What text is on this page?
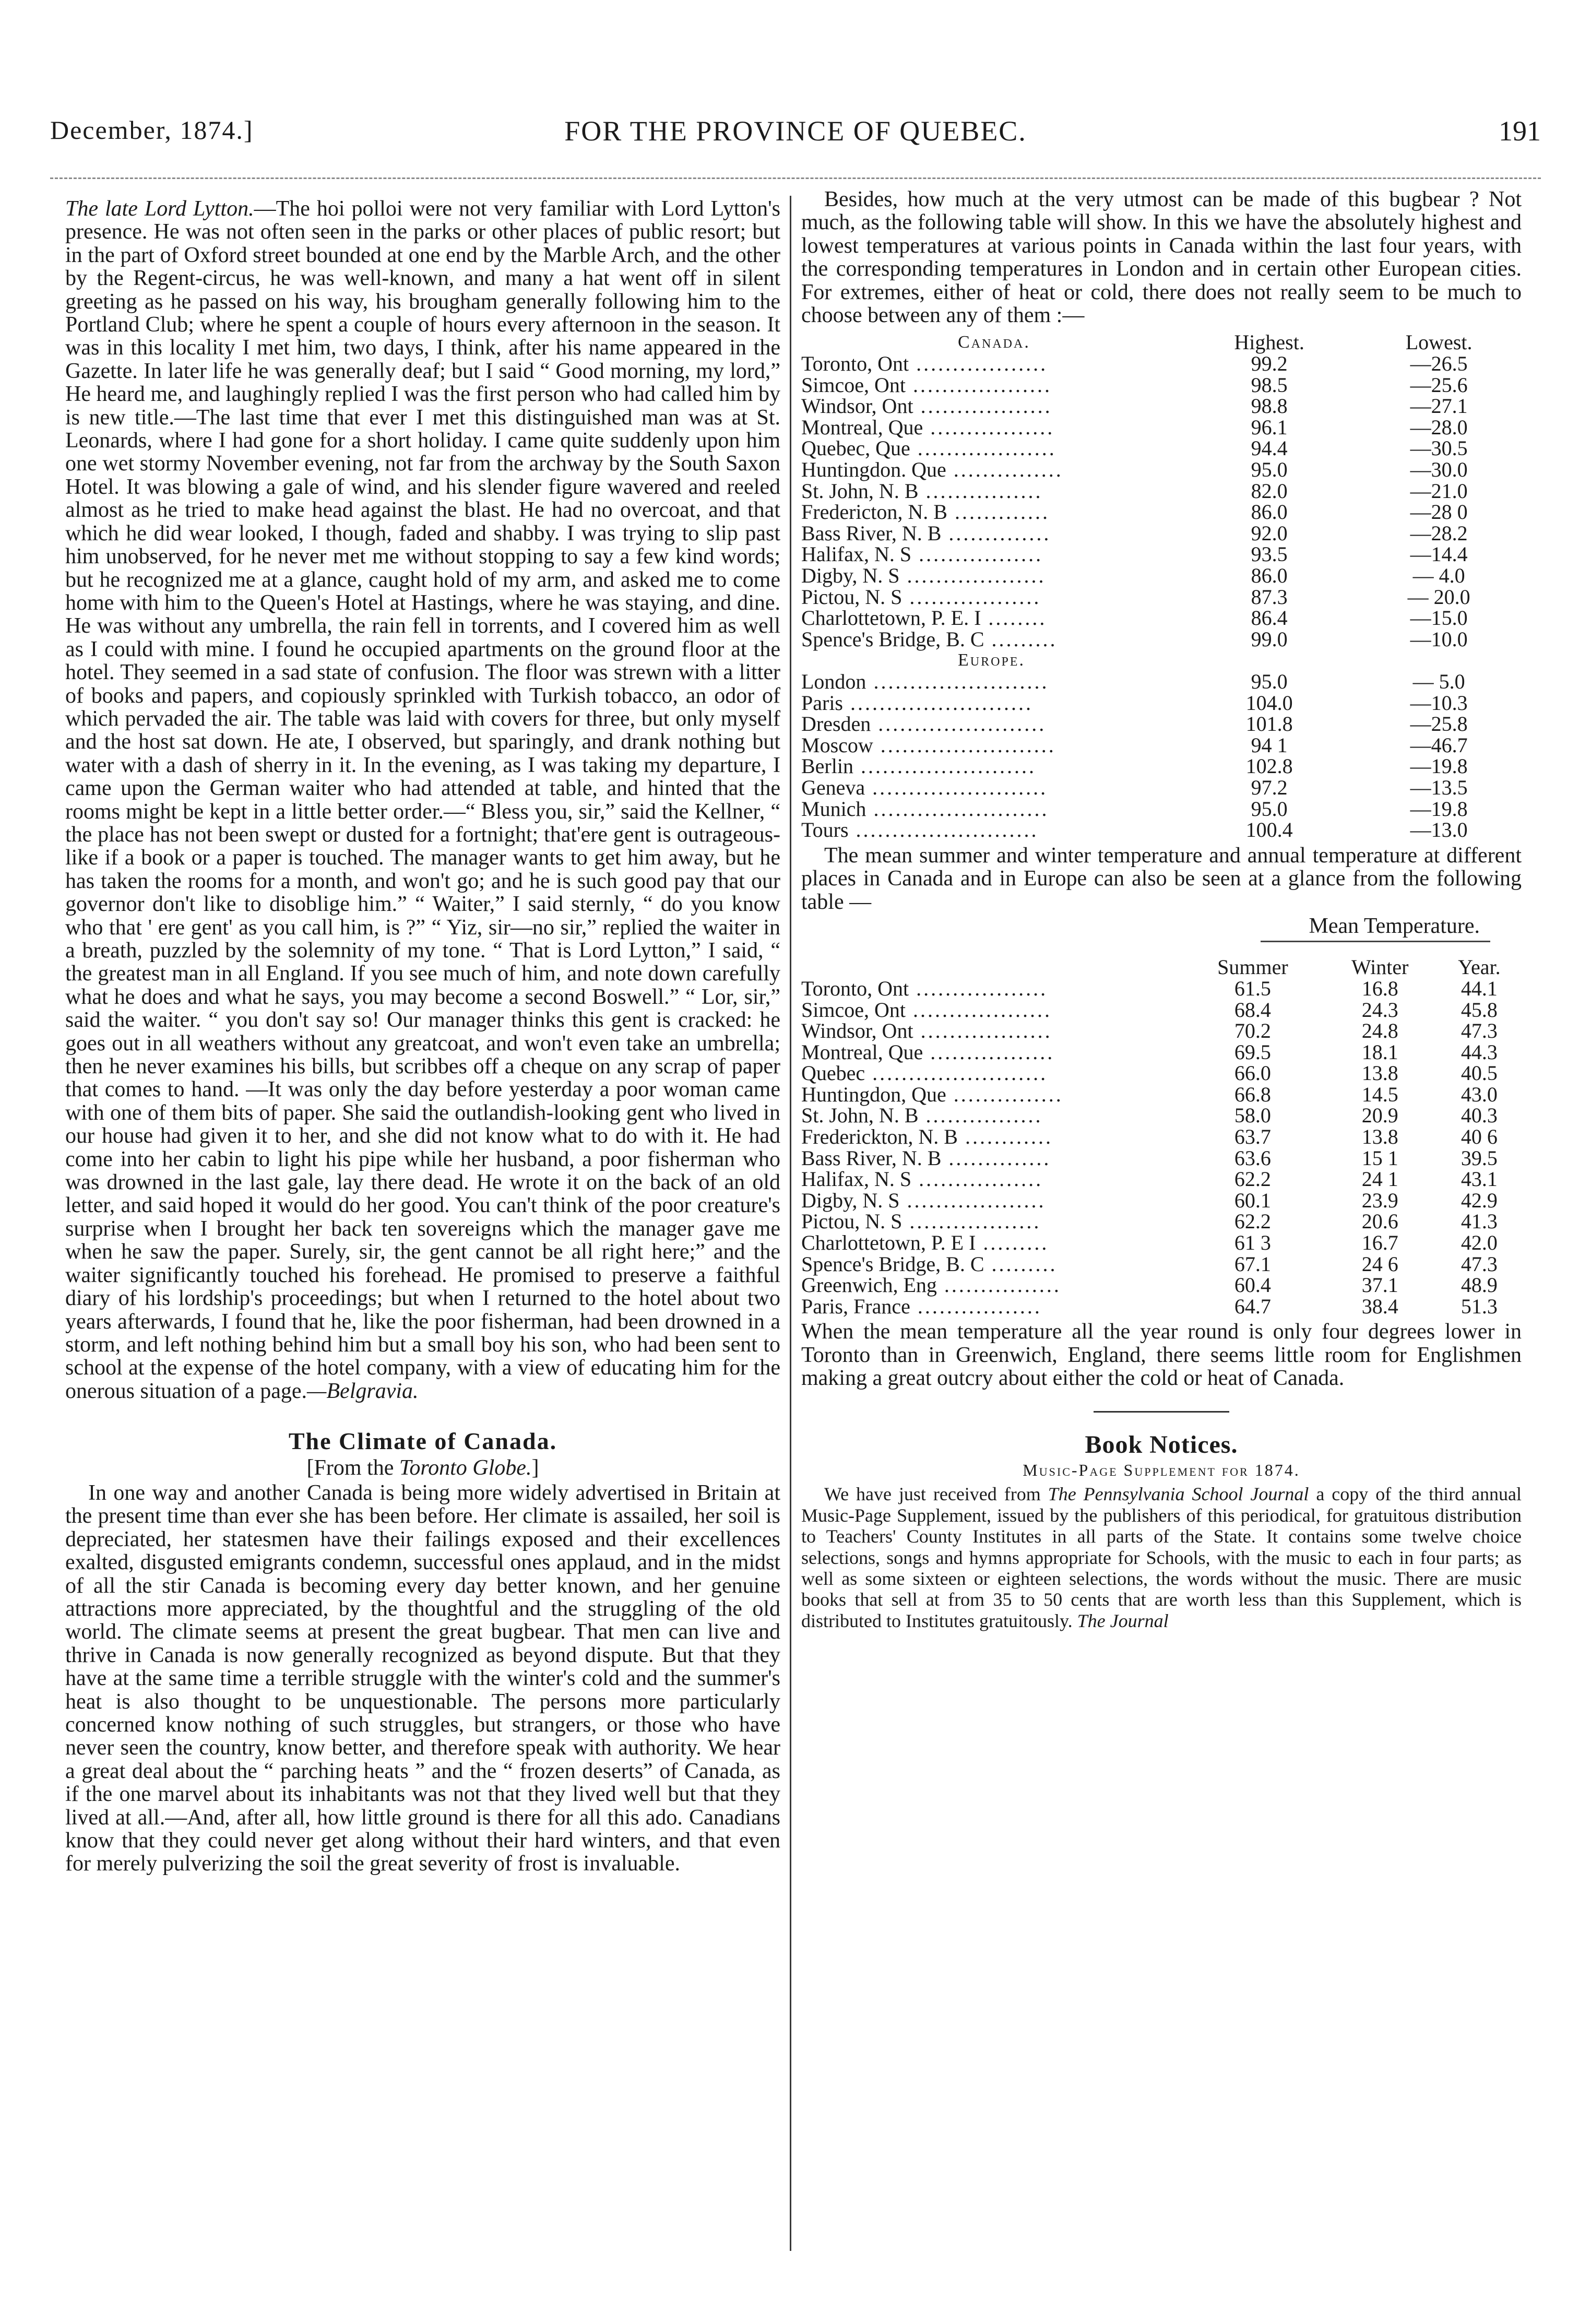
December, 1874.]	FOR THE PROVINCE OF QUEBEC.	191

The late Lord Lytton.—The hoi polloi were not very familiar with Lord Lytton's presence. He was not often seen in the parks or other places of public resort; but in the part of Oxford street bounded at one end by the Marble Arch, and the other by the Regent-circus, he was well-known, and many a hat went off in silent greeting as he passed on his way, his brougham generally following him to the Portland Club; where he spent a couple of hours every afternoon in the season. It was in this locality I met him, two days, I think, after his name appeared in the Gazette. In later life he was generally deaf; but I said “ Good morning, my lord,” He heard me, and laughingly replied I was the first person who had called him by is new title.—The last time that ever I met this distinguished man was at St. Leonards, where I had gone for a short holiday. I came quite suddenly upon him one wet stormy November evening, not far from the archway by the South Saxon Hotel. It was blowing a gale of wind, and his slender figure wavered and reeled almost as he tried to make head against the blast. He had no overcoat, and that which he did wear looked, I though, faded and shabby. I was trying to slip past him unobserved, for he never met me without stopping to say a few kind words; but he recognized me at a glance, caught hold of my arm, and asked me to come home with him to the Queen's Hotel at Hastings, where he was staying, and dine. He was without any umbrella, the rain fell in torrents, and I covered him as well as I could with mine. I found he occupied apartments on the ground floor at the hotel. They seemed in a sad state of confusion. The floor was strewn with a litter of books and papers, and copiously sprinkled with Turkish tobacco, an odor of which pervaded the air. The table was laid with covers for three, but only myself and the host sat down. He ate, I observed, but sparingly, and drank nothing but water with a dash of sherry in it. In the evening, as I was taking my departure, I came upon the German waiter who had attended at table, and hinted that the rooms might be kept in a little better order.—“ Bless you, sir,” said the Kellner, “ the place has not been swept or dusted for a fortnight; that'ere gent is outrageous-like if a book or a paper is touched. The manager wants to get him away, but he has taken the rooms for a month, and won't go; and he is such good pay that our governor don't like to disoblige him.” “ Waiter,” I said sternly, “ do you know who that ' ere gent' as you call him, is ?” “ Yiz, sir—no sir,” replied the waiter in a breath, puzzled by the solemnity of my tone. “ That is Lord Lytton,” I said, “ the greatest man in all England. If you see much of him, and note down carefully what he does and what he says, you may become a second Boswell.” “ Lor, sir,” said the waiter. “ you don't say so! Our manager thinks this gent is cracked: he goes out in all weathers without any greatcoat, and won't even take an umbrella; then he never examines his bills, but scribbes off a cheque on any scrap of paper that comes to hand. —It was only the day before yesterday a poor woman came with one of them bits of paper. She said the outlandish-looking gent who lived in our house had given it to her, and she did not know what to do with it. He had come into her cabin to light his pipe while her husband, a poor fisherman who was drowned in the last gale, lay there dead. He wrote it on the back of an old letter, and said hoped it would do her good. You can't think of the poor creature's surprise when I brought her back ten sovereigns which the manager gave me when he saw the paper. Surely, sir, the gent cannot be all right here;” and the waiter significantly touched his forehead. He promised to preserve a faithful diary of his lordship's proceedings; but when I returned to the hotel about two years afterwards, I found that he, like the poor fisherman, had been drowned in a storm, and left nothing behind him but a small boy his son, who had been sent to school at the expense of the hotel company, with a view of educating him for the onerous situation of a page.—Belgravia.

The Climate of Canada.
[From the Toronto Globe.]

In one way and another Canada is being more widely advertised in Britain at the present time than ever she has been before. Her climate is assailed, her soil is depreciated, her statesmen have their failings exposed and their excellences exalted, disgusted emigrants condemn, successful ones applaud, and in the midst of all the stir Canada is becoming every day better known, and her genuine attractions more appreciated, by the thoughtful and the struggling of the old world. The climate seems at present the great bugbear. That men can live and thrive in Canada is now generally recognized as beyond dispute. But that they have at the same time a terrible struggle with the winter's cold and the summer's heat is also thought to be unquestionable. The persons more particularly concerned know nothing of such struggles, but strangers, or those who have never seen the country, know better, and therefore speak with authority. We hear a great deal about the “ parching heats ” and the “ frozen deserts” of Canada, as if the one marvel about its inhabitants was not that they lived well but that they lived at all.—And, after all, how little ground is there for all this ado. Canadians know that they could never get along without their hard winters, and that even for merely pulverizing the soil the great severity of frost is invaluable.

Besides, how much at the very utmost can be made of this bugbear ? Not much, as the following table will show. In this we have the absolutely highest and lowest temperatures at various points in Canada within the last four years, with the corresponding temperatures in London and in certain other European cities. For extremes, either of heat or cold, there does not really seem to be much to choose between any of them :—

Canada.	Highest.	Lowest.
Toronto, Ont ..................	99.2	—26.5
Simcoe, Ont ...................	98.5	—25.6
Windsor, Ont ..................	98.8	—27.1
Montreal, Que .................	96.1	—28.0
Quebec, Que ...................	94.4	—30.5
Huntingdon. Que ...............	95.0	—30.0
St. John, N. B ................	82.0	—21.0
Fredericton, N. B .............	86.0	—28 0
Bass River, N. B ..............	92.0	—28.2
Halifax, N. S .................	93.5	—14.4
Digby, N. S ...................	86.0	— 4.0
Pictou, N. S ..................	87.3	— 20.0
Charlottetown, P. E. I ........	86.4	—15.0
Spence's Bridge, B. C .........	99.0	—10.0
Europe.		
London ........................	95.0	— 5.0
Paris .........................	104.0	—10.3
Dresden .......................	101.8	—25.8
Moscow ........................	94 1	—46.7
Berlin ........................	102.8	—19.8
Geneva ........................	97.2	—13.5
Munich ........................	95.0	—19.8
Tours .........................	100.4	—13.0

The mean summer and winter temperature and annual temperature at different places in Canada and in Europe can also be seen at a glance from the following table —

Mean Temperature.
	Summer	Winter	Year.
Toronto, Ont ..................	61.5	16.8	44.1
Simcoe, Ont ...................	68.4	24.3	45.8
Windsor, Ont ..................	70.2	24.8	47.3
Montreal, Que .................	69.5	18.1	44.3
Quebec ........................	66.0	13.8	40.5
Huntingdon, Que ...............	66.8	14.5	43.0
St. John, N. B ................	58.0	20.9	40.3
Frederickton, N. B ............	63.7	13.8	40 6
Bass River, N. B ..............	63.6	15 1	39.5
Halifax, N. S .................	62.2	24 1	43.1
Digby, N. S ...................	60.1	23.9	42.9
Pictou, N. S ..................	62.2	20.6	41.3
Charlottetown, P. E I .........	61 3	16.7	42.0
Spence's Bridge, B. C .........	67.1	24 6	47.3
Greenwich, Eng ................	60.4	37.1	48.9
Paris, France .................	64.7	38.4	51.3

When the mean temperature all the year round is only four degrees lower in Toronto than in Greenwich, England, there seems little room for Englishmen making a great outcry about either the cold or heat of Canada.

Book Notices.
Music-Page Supplement for 1874.

We have just received from The Pennsylvania School Journal a copy of the third annual Music-Page Supplement, issued by the publishers of this periodical, for gratuitous distribution to Teachers' County Institutes in all parts of the State. It contains some twelve choice selections, songs and hymns appropriate for Schools, with the music to each in four parts; as well as some sixteen or eighteen selections, the words without the music. There are music books that sell at from 35 to 50 cents that are worth less than this Supplement, which is distributed to Institutes gratuitously. The Journal
